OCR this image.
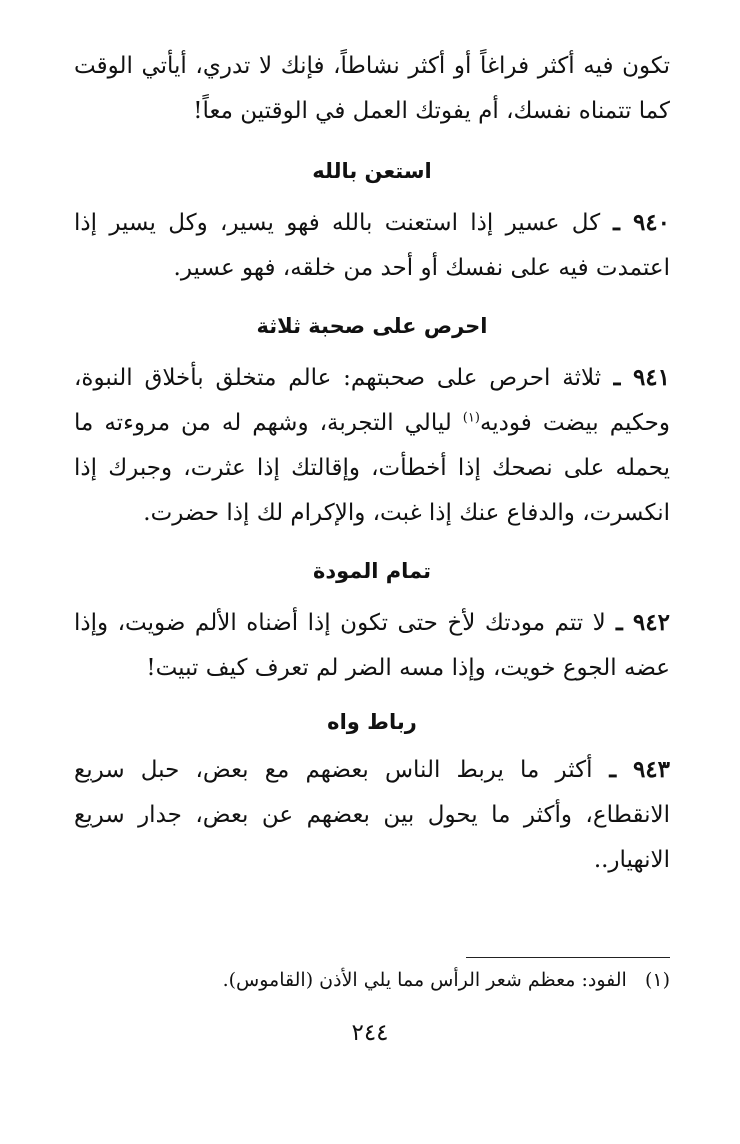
تكون فيه أكثر فراغاً أو أكثر نشاطاً، فإنك لا تدري، أيأتي الوقت كما تتمناه نفسك، أم يفوتك العمل في الوقتين معاً!

استعن بالله

٩٤٠ ـ كل عسير إذا استعنت بالله فهو يسير، وكل يسير إذا اعتمدت فيه على نفسك أو أحد من خلقه، فهو عسير.

احرص على صحبة ثلاثة

٩٤١ ـ ثلاثة احرص على صحبتهم: عالم متخلق بأخلاق النبوة، وحكيم بيضت فوديه$^{(١)}$ ليالي التجربة، وشهم له من مروءته ما يحمله على نصحك إذا أخطأت، وإقالتك إذا عثرت، وجبرك إذا انكسرت، والدفاع عنك إذا غبت، والإكرام لك إذا حضرت.

تمام المودة

٩٤٢ ـ لا تتم مودتك لأخ حتى تكون إذا أضناه الألم ضويت، وإذا عضه الجوع خويت، وإذا مسه الضر لم تعرف كيف تبيت!

رباط واه

٩٤٣ ـ أكثر ما يربط الناس بعضهم مع بعض، حبل سريع الانقطاع، وأكثر ما يحول بين بعضهم عن بعض، جدار سريع الانهيار..

(١)   الفود: معظم شعر الرأس مما يلي الأذن (القاموس).
٢٤٤
